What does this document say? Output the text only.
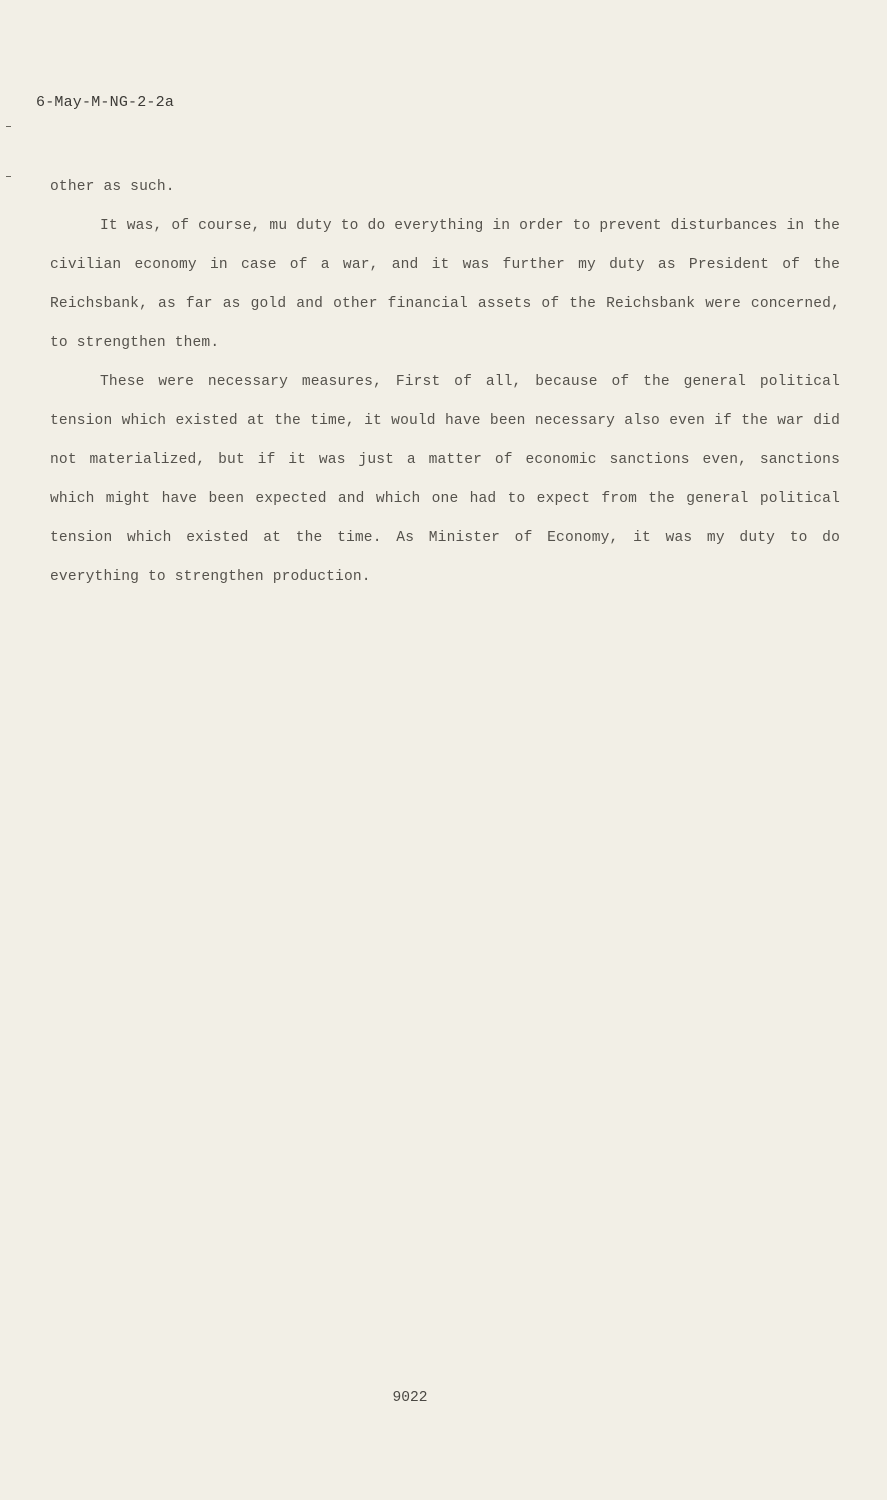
6-May-M-NG-2-2a

other as such.

It was, of course, mu duty to do everything in order to prevent disturbances in the civilian economy in case of a war, and it was further my duty as President of the Reichsbank, as far as gold and other financial assets of the Reichsbank were concerned, to strengthen them.

These were necessary measures, First of all, because of the general political tension which existed at the time, it would have been necessary also even if the war did not materialized, but if it was just a matter of economic sanctions even, sanctions which might have been expected and which one had to expect from the general political tension which existed at the time. As Minister of Economy, it was my duty to do everything to strengthen production.

9022
